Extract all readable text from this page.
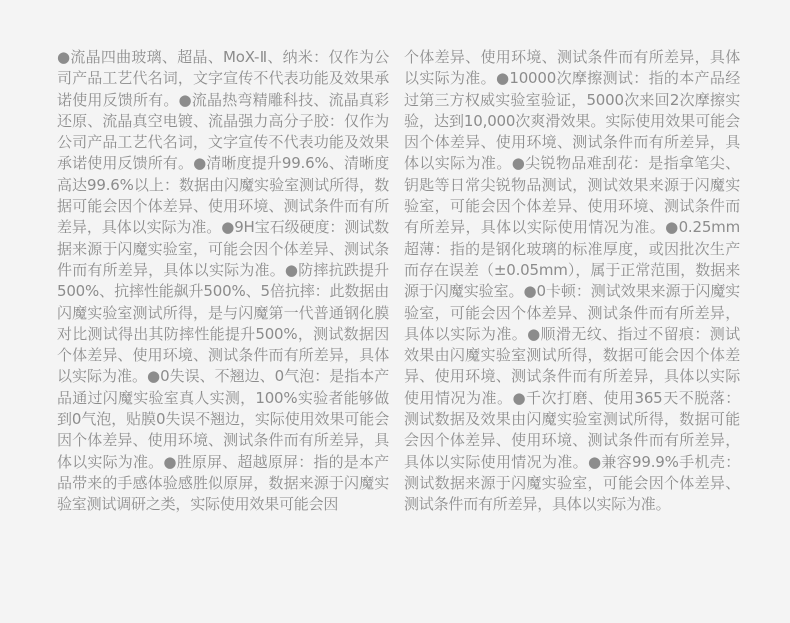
●流晶四曲玻璃、超晶、MoX-Ⅱ、纳米：仅作为公司产品工艺代名词，文字宣传不代表功能及效果承诺使用反馈所有。●流晶热弯精雕科技、流晶真彩还原、流晶真空电镀、流晶强力高分子胶：仅作为公司产品工艺代名词，文字宣传不代表功能及效果承诺使用反馈所有。●清晰度提升99.6%、清晰度高达99.6%以上：数据由闪魔实验室测试所得，数据可能会因个体差异、使用环境、测试条件而有所差异，具体以实际为准。●9H宝石级硬度：测试数据来源于闪魔实验室，可能会因个体差异、测试条件而有所差异，具体以实际为准。●防摔抗跌提升500%、抗摔性能飙升500%、5倍抗摔：此数据由闪魔实验室测试所得，是与闪魔第一代普通钢化膜对比测试得出其防摔性能提升500%，测试数据因个体差异、使用环境、测试条件而有所差异，具体以实际为准。●0失误、不翘边、0气泡：是指本产品通过闪魔实验室真人实测，100%实验者能够做到0气泡，贴膜0失误不翘边，实际使用效果可能会因个体差异、使用环境、测试条件而有所差异，具体以实际为准。●胜原屏、超越原屏：指的是本产品带来的手感体验感胜似原屏，数据来源于闪魔实验室测试调研之类，实际使用效果可能会因

个体差异、使用环境、测试条件而有所差异，具体以实际为准。●10000次摩擦测试：指的本产品经过第三方权威实验室验证，5000次来回2次摩擦实验，达到10,000次爽滑效果。实际使用效果可能会因个体差异、使用环境、测试条件而有所差异，具体以实际为准。●尖锐物品难刮花：是指拿笔尖、钥匙等日常尖锐物品测试，测试效果来源于闪魔实验室，可能会因个体差异、使用环境、测试条件而有所差异，具体以实际使用情况为准。●0.25mm超薄：指的是钢化玻璃的标准厚度，或因批次生产而存在误差（±0.05mm），属于正常范围，数据来源于闪魔实验室。●0卡顿：测试效果来源于闪魔实验室，可能会因个体差异、测试条件而有所差异，具体以实际为准。●顺滑无纹、指过不留痕：测试效果由闪魔实验室测试所得，数据可能会因个体差异、使用环境、测试条件而有所差异，具体以实际使用情况为准。●千次打磨、使用365天不脱落：测试数据及效果由闪魔实验室测试所得，数据可能会因个体差异、使用环境、测试条件而有所差异，具体以实际使用情况为准。●兼容99.9%手机壳：测试数据来源于闪魔实验室，可能会因个体差异、测试条件而有所差异，具体以实际为准。
